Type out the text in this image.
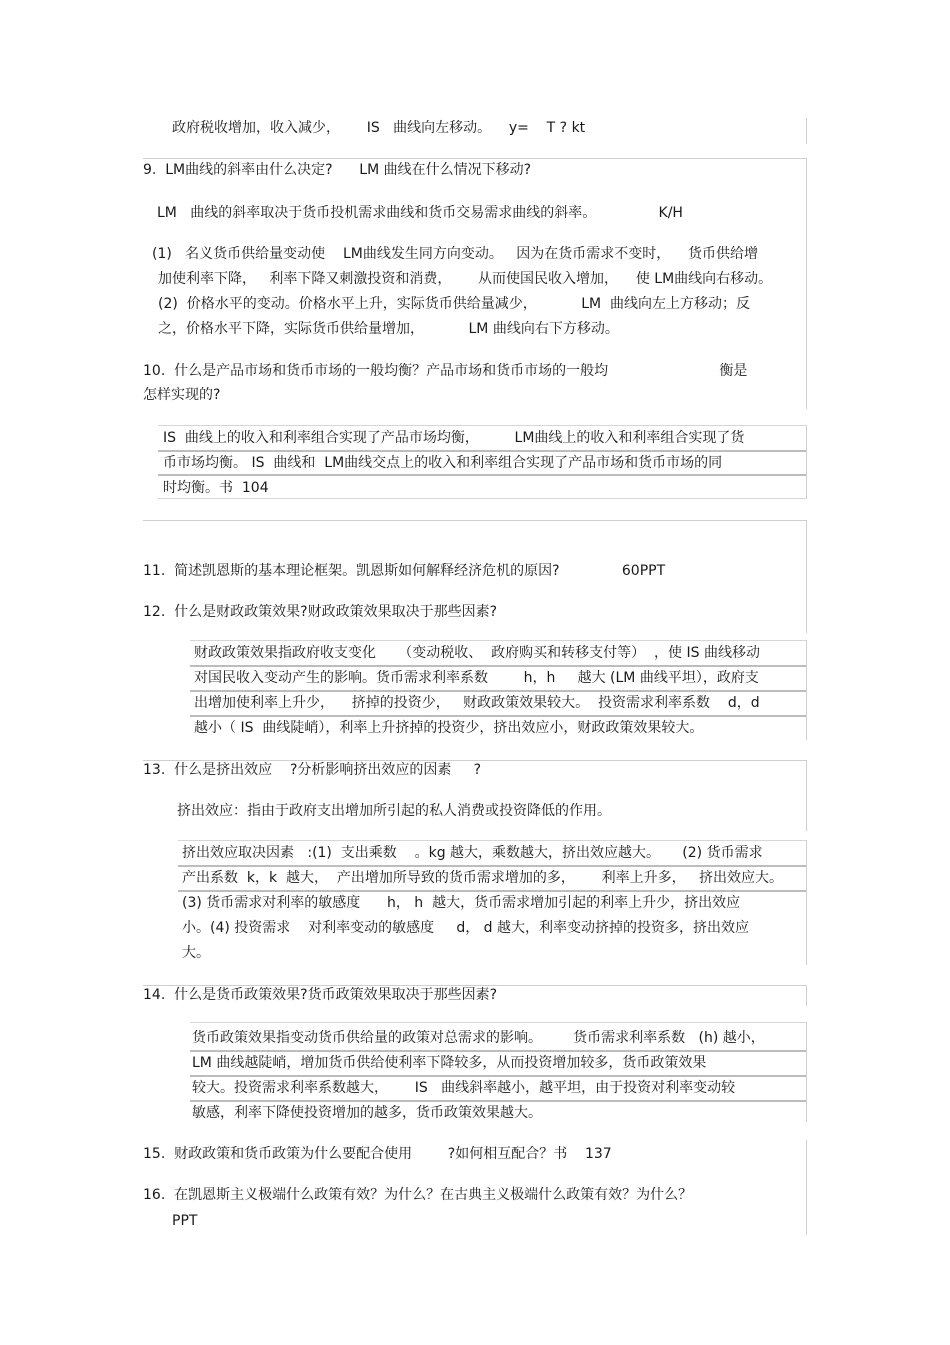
政府税收增加，收入减少，      IS   曲线向左移动。    y=    T ? kt
9.  LM曲线的斜率由什么决定?      LM 曲线在什么情况下移动?
LM   曲线的斜率取决于货币投机需求曲线和货币交易需求曲线的斜率。              K/H
(1)   名义货币供给量变动使    LM曲线发生同方向变动。   因为在货币需求不变时，    货币供给增
加使利率下降，   利率下降又刺激投资和消费，      从而使国民收入增加，    使 LM曲线向右移动。
(2)  价格水平的变动。价格水平上升，实际货币供给量减少，          LM  曲线向左上方移动；反
之，价格水平下降，实际货币供给量增加，          LM 曲线向右下方移动。
10.  什么是产品市场和货币市场的一般均衡？产品市场和货币市场的一般均                         衡是
怎样实现的?
IS  曲线上的收入和利率组合实现了产品市场均衡，        LM曲线上的收入和利率组合实现了货
币市场均衡。 IS  曲线和  LM曲线交点上的收入和利率组合实现了产品市场和货币市场的同
时均衡。书  104
11.  简述凯恩斯的基本理论框架。凯恩斯如何解释经济危机的原因?              60PPT
12.  什么是财政政策效果?财政政策效果取决于那些因素?
财政政策效果指政府收支变化     （变动税收、  政府购买和转移支付等）  ，使 IS 曲线移动
对国民收入变动产生的影响。货币需求利率系数        h，h     越大 (LM 曲线平坦），政府支
出增加使利率上升少，    挤掉的投资少，   财政政策效果较大。  投资需求利率系数    d，d
越小（ IS  曲线陡峭），利率上升挤掉的投资少，挤出效应小，财政政策效果较大。
13.  什么是挤出效应    ?分析影响挤出效应的因素     ?
挤出效应：指由于政府支出增加所引起的私人消费或投资降低的作用。
挤出效应取决因素   :(1)  支出乘数    。kg 越大，乘数越大，挤出效应越大。     (2) 货币需求
产出系数  k，k  越大，  产出增加所导致的货币需求增加的多，      利率上升多，   挤出效应大。
(3) 货币需求对利率的敏感度      h， h  越大，货币需求增加引起的利率上升少，挤出效应
小。(4) 投资需求    对利率变动的敏感度     d， d 越大，利率变动挤掉的投资多，挤出效应
大。
14.  什么是货币政策效果?货币政策效果取决于那些因素?
货币政策效果指变动货币供给量的政策对总需求的影响。       货币需求利率系数   (h) 越小，
LM 曲线越陡峭，增加货币供给使利率下降较多，从而投资增加较多，货币政策效果
较大。投资需求利率系数越大，      IS   曲线斜率越小，越平坦，由于投资对利率变动较
敏感，利率下降使投资增加的越多，货币政策效果越大。
15.  财政政策和货币政策为什么要配合使用        ?如何相互配合？书    137
16.  在凯恩斯主义极端什么政策有效？为什么？在古典主义极端什么政策有效？为什么？
PPT
